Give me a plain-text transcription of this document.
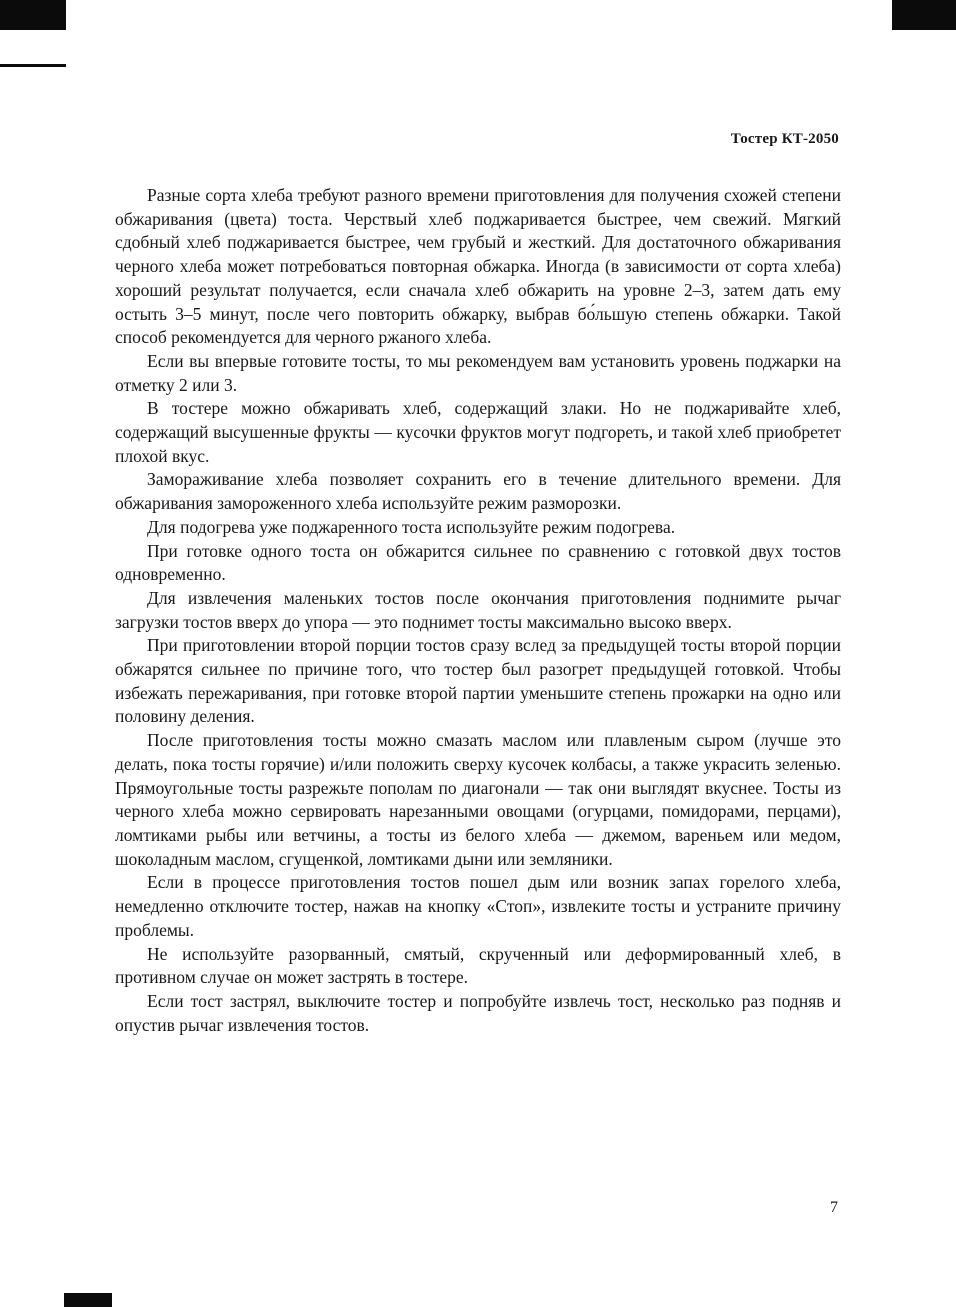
Тостер КТ-2050

Разные сорта хлеба требуют разного времени приготовления для получения схожей степени обжаривания (цвета) тоста. Черствый хлеб поджаривается быстрее, чем свежий. Мягкий сдобный хлеб поджаривается быстрее, чем грубый и жесткий. Для достаточного обжаривания черного хлеба может потребоваться повторная обжарка. Иногда (в зависимости от сорта хлеба) хороший результат получается, если сначала хлеб обжарить на уровне 2–3, затем дать ему остыть 3–5 минут, после чего повторить обжарку, выбрав бо́льшую степень обжарки. Такой способ рекомендуется для черного ржаного хлеба.

Если вы впервые готовите тосты, то мы рекомендуем вам установить уровень поджарки на отметку 2 или 3.

В тостере можно обжаривать хлеб, содержащий злаки. Но не поджаривайте хлеб, содержащий высушенные фрукты — кусочки фруктов могут подгореть, и такой хлеб приобретет плохой вкус.

Замораживание хлеба позволяет сохранить его в течение длительного времени. Для обжаривания замороженного хлеба используйте режим разморозки.

Для подогрева уже поджаренного тоста используйте режим подогрева.

При готовке одного тоста он обжарится сильнее по сравнению с готовкой двух тостов одновременно.

Для извлечения маленьких тостов после окончания приготовления поднимите рычаг загрузки тостов вверх до упора — это поднимет тосты максимально высоко вверх.

При приготовлении второй порции тостов сразу вслед за предыдущей тосты второй порции обжарятся сильнее по причине того, что тостер был разогрет предыдущей готовкой. Чтобы избежать пережаривания, при готовке второй партии уменьшите степень прожарки на одно или половину деления.

После приготовления тосты можно смазать маслом или плавленым сыром (лучше это делать, пока тосты горячие) и/или положить сверху кусочек колбасы, а также украсить зеленью. Прямоугольные тосты разрежьте пополам по диагонали — так они выглядят вкуснее. Тосты из черного хлеба можно сервировать нарезанными овощами (огурцами, помидорами, перцами), ломтиками рыбы или ветчины, а тосты из белого хлеба — джемом, вареньем или медом, шоколадным маслом, сгущенкой, ломтиками дыни или земляники.

Если в процессе приготовления тостов пошел дым или возник запах горелого хлеба, немедленно отключите тостер, нажав на кнопку «Стоп», извлеките тосты и устраните причину проблемы.

Не используйте разорванный, смятый, скрученный или деформированный хлеб, в противном случае он может застрять в тостере.

Если тост застрял, выключите тостер и попробуйте извлечь тост, несколько раз подняв и опустив рычаг извлечения тостов.

7
